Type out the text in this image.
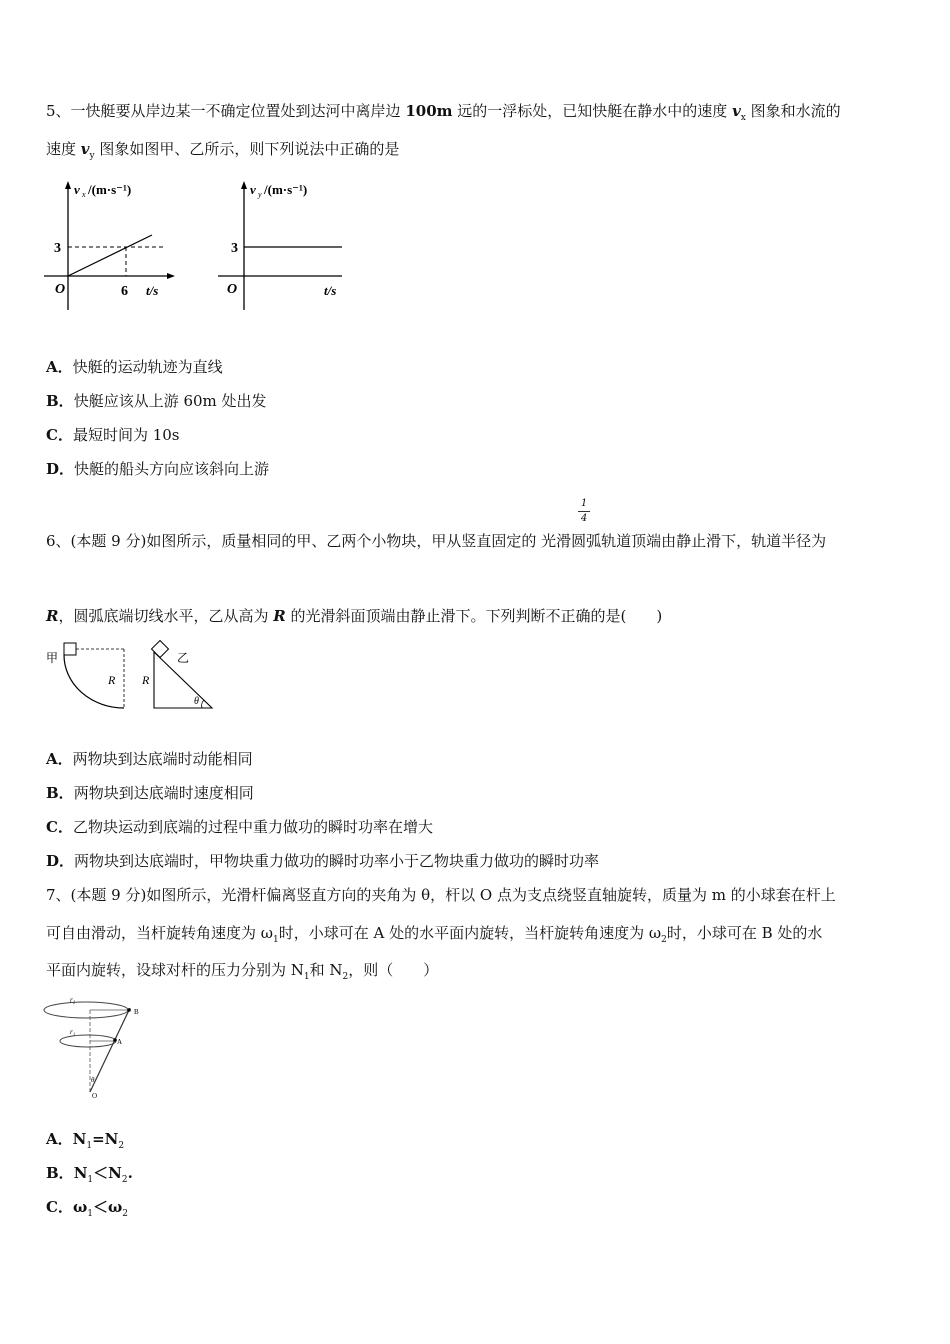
5、一快艇要从岸边某一不确定位置处到达河中离岸边 100m 远的一浮标处，已知快艇在静水中的速度 $v_x$ 图象和水流的
速度 $v_y$ 图象如图甲、乙所示，则下列说法中正确的是
v x /(m·s⁻¹)
3
O	6 t/s
v y /(m·s⁻¹)
3
O	t/s
A．快艇的运动轨迹为直线
B．快艇应该从上游 60m 处出发
C．最短时间为 10s
D．快艇的船头方向应该斜向上游
1
4
6、(本题 9 分)如图所示，质量相同的甲、乙两个小物块，甲从竖直固定的 光滑圆弧轨道顶端由静止滑下，轨道半径为
R，圆弧底端切线水平，乙从高为 R 的光滑斜面顶端由静止滑下。下列判断不正确的是(　　)
甲
R
乙
R
θ
A．两物块到达底端时动能相同
B．两物块到达底端时速度相同
C．乙物块运动到底端的过程中重力做功的瞬时功率在增大
D．两物块到达底端时，甲物块重力做功的瞬时功率小于乙物块重力做功的瞬时功率
7、(本题 9 分)如图所示，光滑杆偏离竖直方向的夹角为 θ，杆以 O 点为支点绕竖直轴旋转，质量为 m 的小球套在杆上
可自由滑动，当杆旋转角速度为 $\omega_1$时，小球可在 A 处的水平面内旋转，当杆旋转角速度为 $\omega_2$时，小球可在 B 处的水
平面内旋转，设球对杆的压力分别为 $N_1$和 $N_2$，则（　　）
r₂
r₁
B
A
θ
O
A．$N_1=N_2$
B．$N_1<N_2$.
C．$\omega_1<\omega_2$
